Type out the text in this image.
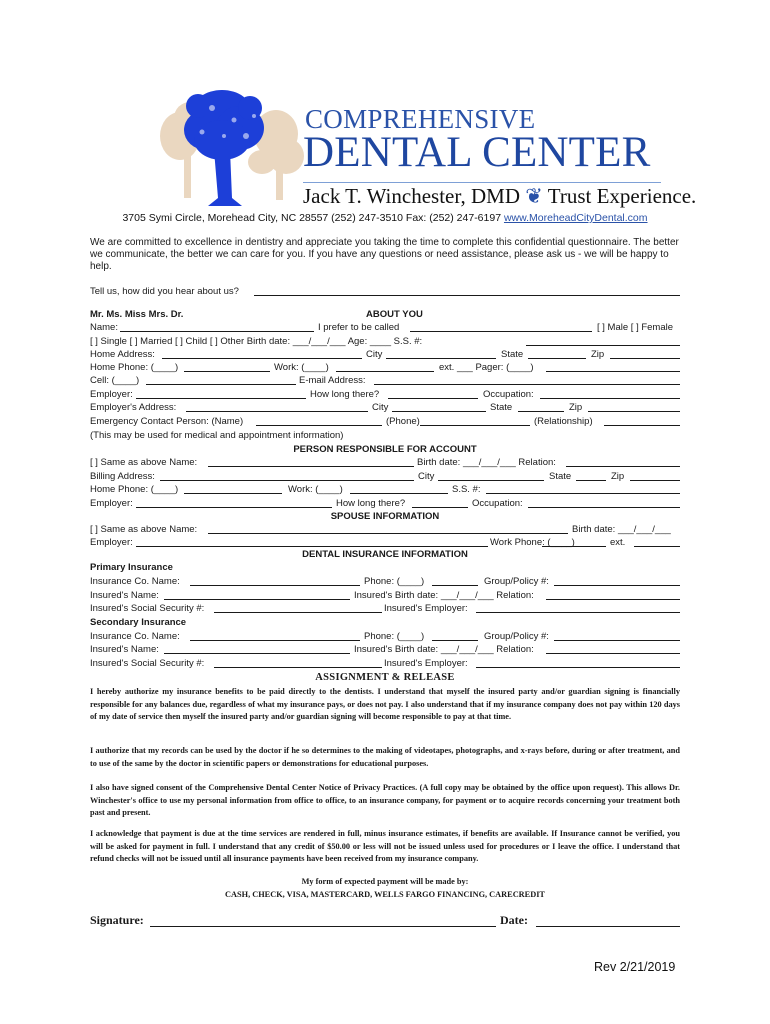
COMPREHENSIVE
DENTAL CENTER
Jack T. Winchester, DMD ❦ Trust Experience.
3705 Symi Circle, Morehead City, NC 28557 (252) 247-3510 Fax: (252) 247-6197 www.MoreheadCityDental.com
We are committed to excellence in dentistry and appreciate you taking the time to complete this confidential questionnaire. The better we communicate, the better we can care for you. If you have any questions or need assistance, please ask us - we will be happy to help.
Tell us, how did you hear about us?
Mr. Ms. Miss Mrs. Dr.	ABOUT YOU
Name:	I prefer to be called	[ ] Male [ ] Female
[ ] Single [ ] Married [ ] Child [ ] Other Birth date: ___/___/___ Age: ____ S.S. #:
Home Address:	City	State	Zip
Home Phone: (____)	Work: (____)	ext. ___ Pager: (____)
Cell: (____)	E-mail Address:
Employer:	How long there?	Occupation:
Employer's Address:	City	State	Zip
Emergency Contact Person: (Name)	(Phone)	(Relationship)
(This may be used for medical and appointment information)
PERSON RESPONSIBLE FOR ACCOUNT
[ ] Same as above Name:	Birth date: ___/___/___ Relation:
Billing Address:	City	State	Zip
Home Phone: (____)	Work: (____)	S.S. #:
Employer:	How long there?	Occupation:
SPOUSE INFORMATION
[ ] Same as above Name:	Birth date: ___/___/___
Employer:	Work Phone: (____)	ext.
DENTAL INSURANCE INFORMATION
Primary Insurance
Insurance Co. Name:	Phone: (____)	Group/Policy #:
Insured's Name:	Insured's Birth date: ___/___/___ Relation:
Insured's Social Security #:	Insured's Employer:
Secondary Insurance
Insurance Co. Name:	Phone: (____)	Group/Policy #:
Insured's Name:	Insured's Birth date: ___/___/___ Relation:
Insured's Social Security #:	Insured's Employer:
ASSIGNMENT & RELEASE
I hereby authorize my insurance benefits to be paid directly to the dentists. I understand that myself the insured party and/or guardian signing is financially responsible for any balances due, regardless of what my insurance pays, or does not pay. I also understand that if my insurance company does not pay within 120 days of my date of service then myself the insured party and/or guardian signing will become responsible to pay at that time.
I authorize that my records can be used by the doctor if he so determines to the making of videotapes, photographs, and x-rays before, during or after treatment, and to use of the same by the doctor in scientific papers or demonstrations for educational purposes.
I also have signed consent of the Comprehensive Dental Center Notice of Privacy Practices. (A full copy may be obtained by the office upon request). This allows Dr. Winchester's office to use my personal information from office to office, to an insurance company, for payment or to acquire records concerning your treatment both past and present.
I acknowledge that payment is due at the time services are rendered in full, minus insurance estimates, if benefits are available. If Insurance cannot be verified, you will be asked for payment in full. I understand that any credit of $50.00 or less will not be issued unless used for procedures or I leave the office. I understand that refund checks will not be issued until all insurance payments have been received from my insurance company.
My form of expected payment will be made by:
CASH, CHECK, VISA, MASTERCARD, WELLS FARGO FINANCING, CARECREDIT
Signature:	Date:
Rev 2/21/2019
